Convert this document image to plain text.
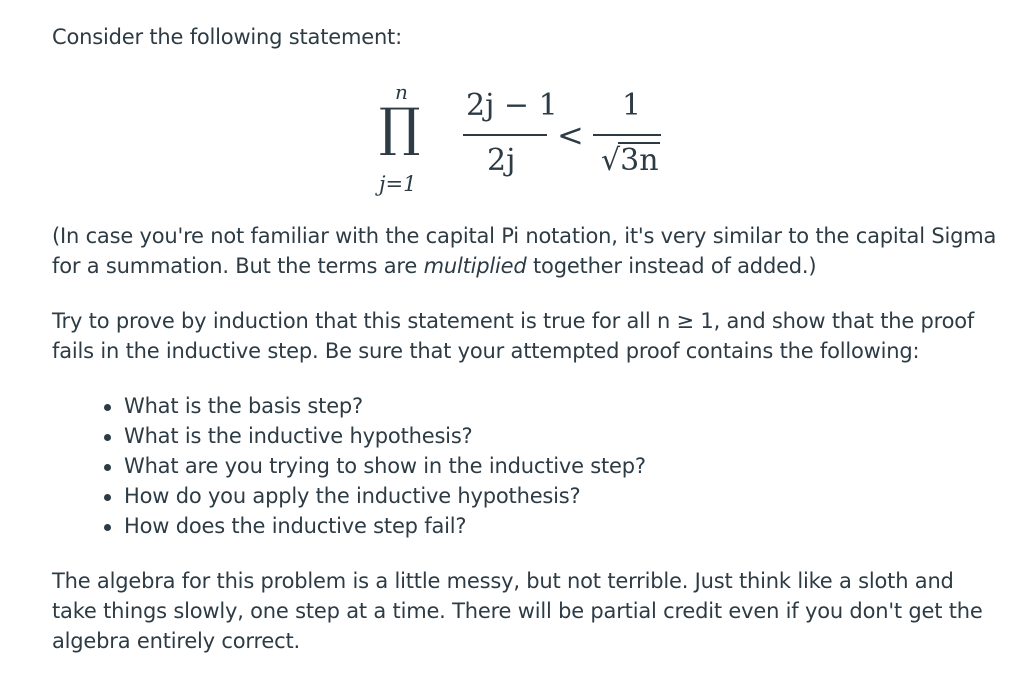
Consider the following statement:

n
∏
j=1
2j − 1
2j
<
1
√3n

(In case you're not familiar with the capital Pi notation, it's very similar to the capital Sigma for a summation. But the terms are multiplied together instead of added.)

Try to prove by induction that this statement is true for all n ≥ 1, and show that the proof fails in the inductive step. Be sure that your attempted proof contains the following:

What is the basis step?
What is the inductive hypothesis?
What are you trying to show in the inductive step?
How do you apply the inductive hypothesis?
How does the inductive step fail?

The algebra for this problem is a little messy, but not terrible. Just think like a sloth and take things slowly, one step at a time. There will be partial credit even if you don't get the algebra entirely correct.
